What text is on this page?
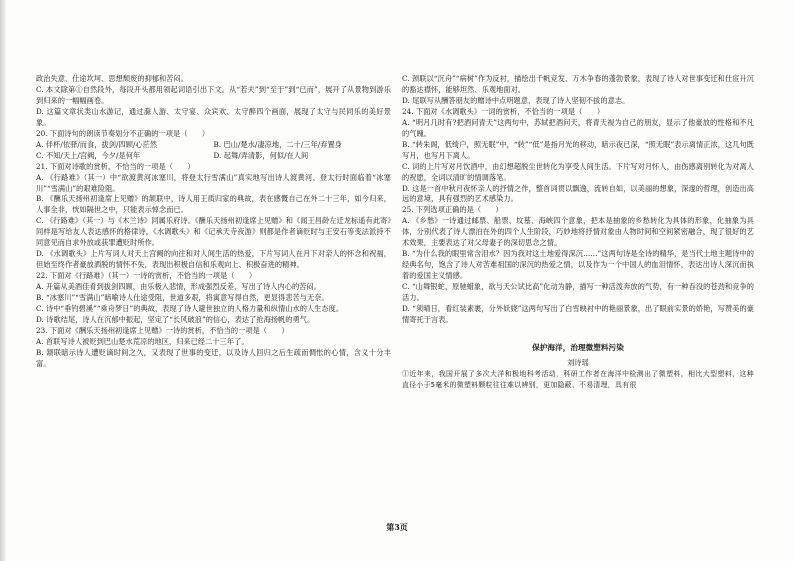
政治失意、仕途坎坷、思想颓废的抑郁和苦闷。

C. 本文除第①自然段外，每段开头都用领起词语引出下文。从“若夫”到“至于”到“已而”，展开了从景物到游乐到归来的一幅幅画卷。

D. 这篇文章状类山水游记，通过滁人游、太守宴、众宾欢、太守醉四个画面，展现了太守与民同乐的美好景象。

20. 下面诗句的朗读节奏划分不正确的一项是（　　）

A. 伴杯/依驿/而食，拔剑/四顾/心茫然	B. 巴山/楚水/凄凉地，二十/三年/弃置身
C. 不知/天上/宫阙，今夕/是何年	D. 起舞/弄清影，何似/在人间

21. 下面对诗歌的赏析，不恰当的一项是（　　）

A. 《行路难》（其一）中“欲渡黄河冰塞川，将登太行雪满山”真实地写出诗人渡黄河、登太行时面临着“冰塞川”“雪满山”的艰难险阻。

B. 《酬乐天扬州初逢席上见赠》的颔联中，诗人用王质归家的典故，表在感慨自己在外二十三年，如今归来，人事全非，恍如隔世之中，只能表示悼念而已。

C. 《行路难》（其一）与《木兰诗》同属乐府诗。《酬乐天扬州初逢席上见赠》和《闻王昌龄左迁龙标遥有此寄》同样是写给友人表达感怀的格律诗，《水调歌头》和《记承天寺夜游》则都是作者谪贬时与王安石等变法派持不同意见而自求外放或获罪遭贬时所作。

D. 《水调歌头》上片写词人对天上宫阙的向往和对人间生活的热爱，下片写词人在月下对亲人的怀念和祝福，但始至终作者豪放洒脱的情怀不失，表现出积极自信和乐观向上、积极奋进的精神。

22. 下面对《行路难》（其一）一诗的赏析，不恰当的一项是（　　）

A. 开篇从美酒佳肴到拔剑四顾，由乐极入悲情，形成强烈反差，写出了诗人内心的苦闷。

B. “冰塞川”“雪满山”暗喻诗人仕途受阻，世道多艰，将寓意写得自然，更显得悲苦与无奈。

C. 诗中“垂钓碧溪”“乘舟梦日”的典故，表现了诗人避世独立的人格力量和纵情山水的人生态度。

D. 诗歌结尾，诗人在沉郁中振起，坚定了“长风破浪”的信心，表达了抢海扬帆的勇气。

23. 下面对《酬乐天扬州初逢席上见赠》一诗的赏析，不恰当的一项是（　　）

A. 首联写诗人被贬到巴山楚水荒凉的地区，归来已经二十三年了。

B. 颔联暗示诗人遭贬谪时间之久，又表现了世事的变迁，以及诗人回归之后生疏而惆怅的心情，含义十分丰富。

C. 颈联以“沉舟”“病树”作为反衬，描绘出千帆竞发、万木争春的蓬勃景象，表现了诗人对世事变迁和仕宦升沉的豁达襟怀，能够坦然、乐观地面对。

D. 尾联写从酬答朋友的赠诗中点明题意，表现了诗人坚韧不拔的意志。

24. 下面对《水调歌头》一词的赏析，不恰当的一项是（　　）

A. “明月几时有?把酒问青天”这两句中，苏轼把酒问天，将青天视为自己的朋友，显示了他豪放的性格和不凡的气魄。

B. “转朱阁，低绮户，照无眠”中，“转”“低”是指月光的移动，暗示夜已深，“照无眠”表示离情正浓，这几句既写月，也写月下离人。

C. 词的上片写对月饮酒中，由幻想超脱尘世转化为享受人间生活。下片写对月怀人，由伤感离别转化为对离人的祝愿，全词以清旷的情调落笔。

D. 这是一首中秋月夜怀亲人的抒情之作，整首词贯以飘逸，流转自如，以美丽的想象，深邃的哲理，创造出高远的意境，具有强烈的艺术感染力。

25. 下列选项正确的是（　　）

A. 《乡愁》一诗通过邮票、船票、坟墓、海峡四个意象，把本是抽象的乡愁转化为具体的形象，化抽象为具体，分别代表了诗人漂泊在外的四个人生阶段，巧妙地将抒情对象由人物时间和空间紧密融合，现了很好的艺术效果，主要表达了对父母妻子的深切思念之情。

B. “为什么我的眼里常含泪水？因为我对这土地爱得深沉……”这两句诗是全诗的精华，是当代土地主题诗中的经典名句，饱含了诗人对苦难祖国的深沉的热爱之情，以及作为一个中国人的血泪情怀，表达出诗人深沉而执着的爱国主义情感。

C. “山舞银蛇，原驰蜡象，欲与天公试比高”化动为静，描写一种活泼奔放的气势，有一种吞没的苍劲和竞争的活力。

D. “须晴日，看红装素裹，分外妖娆”这两句写出了白雪映衬中的艳丽景象，出了眼前实景的娇艳，写赞美的豪情寄托于言表。

保护海洋，治理微塑料污染

刘诗瑶

①近年来，我国开展了多次大洋和极地科考活动，科研工作者在海洋中检测出了微塑料，相比大型塑料，这种直径小于5毫米的微塑料颗粒往往难以辨别，更加隐蔽、不易清理，具有很

第3页
